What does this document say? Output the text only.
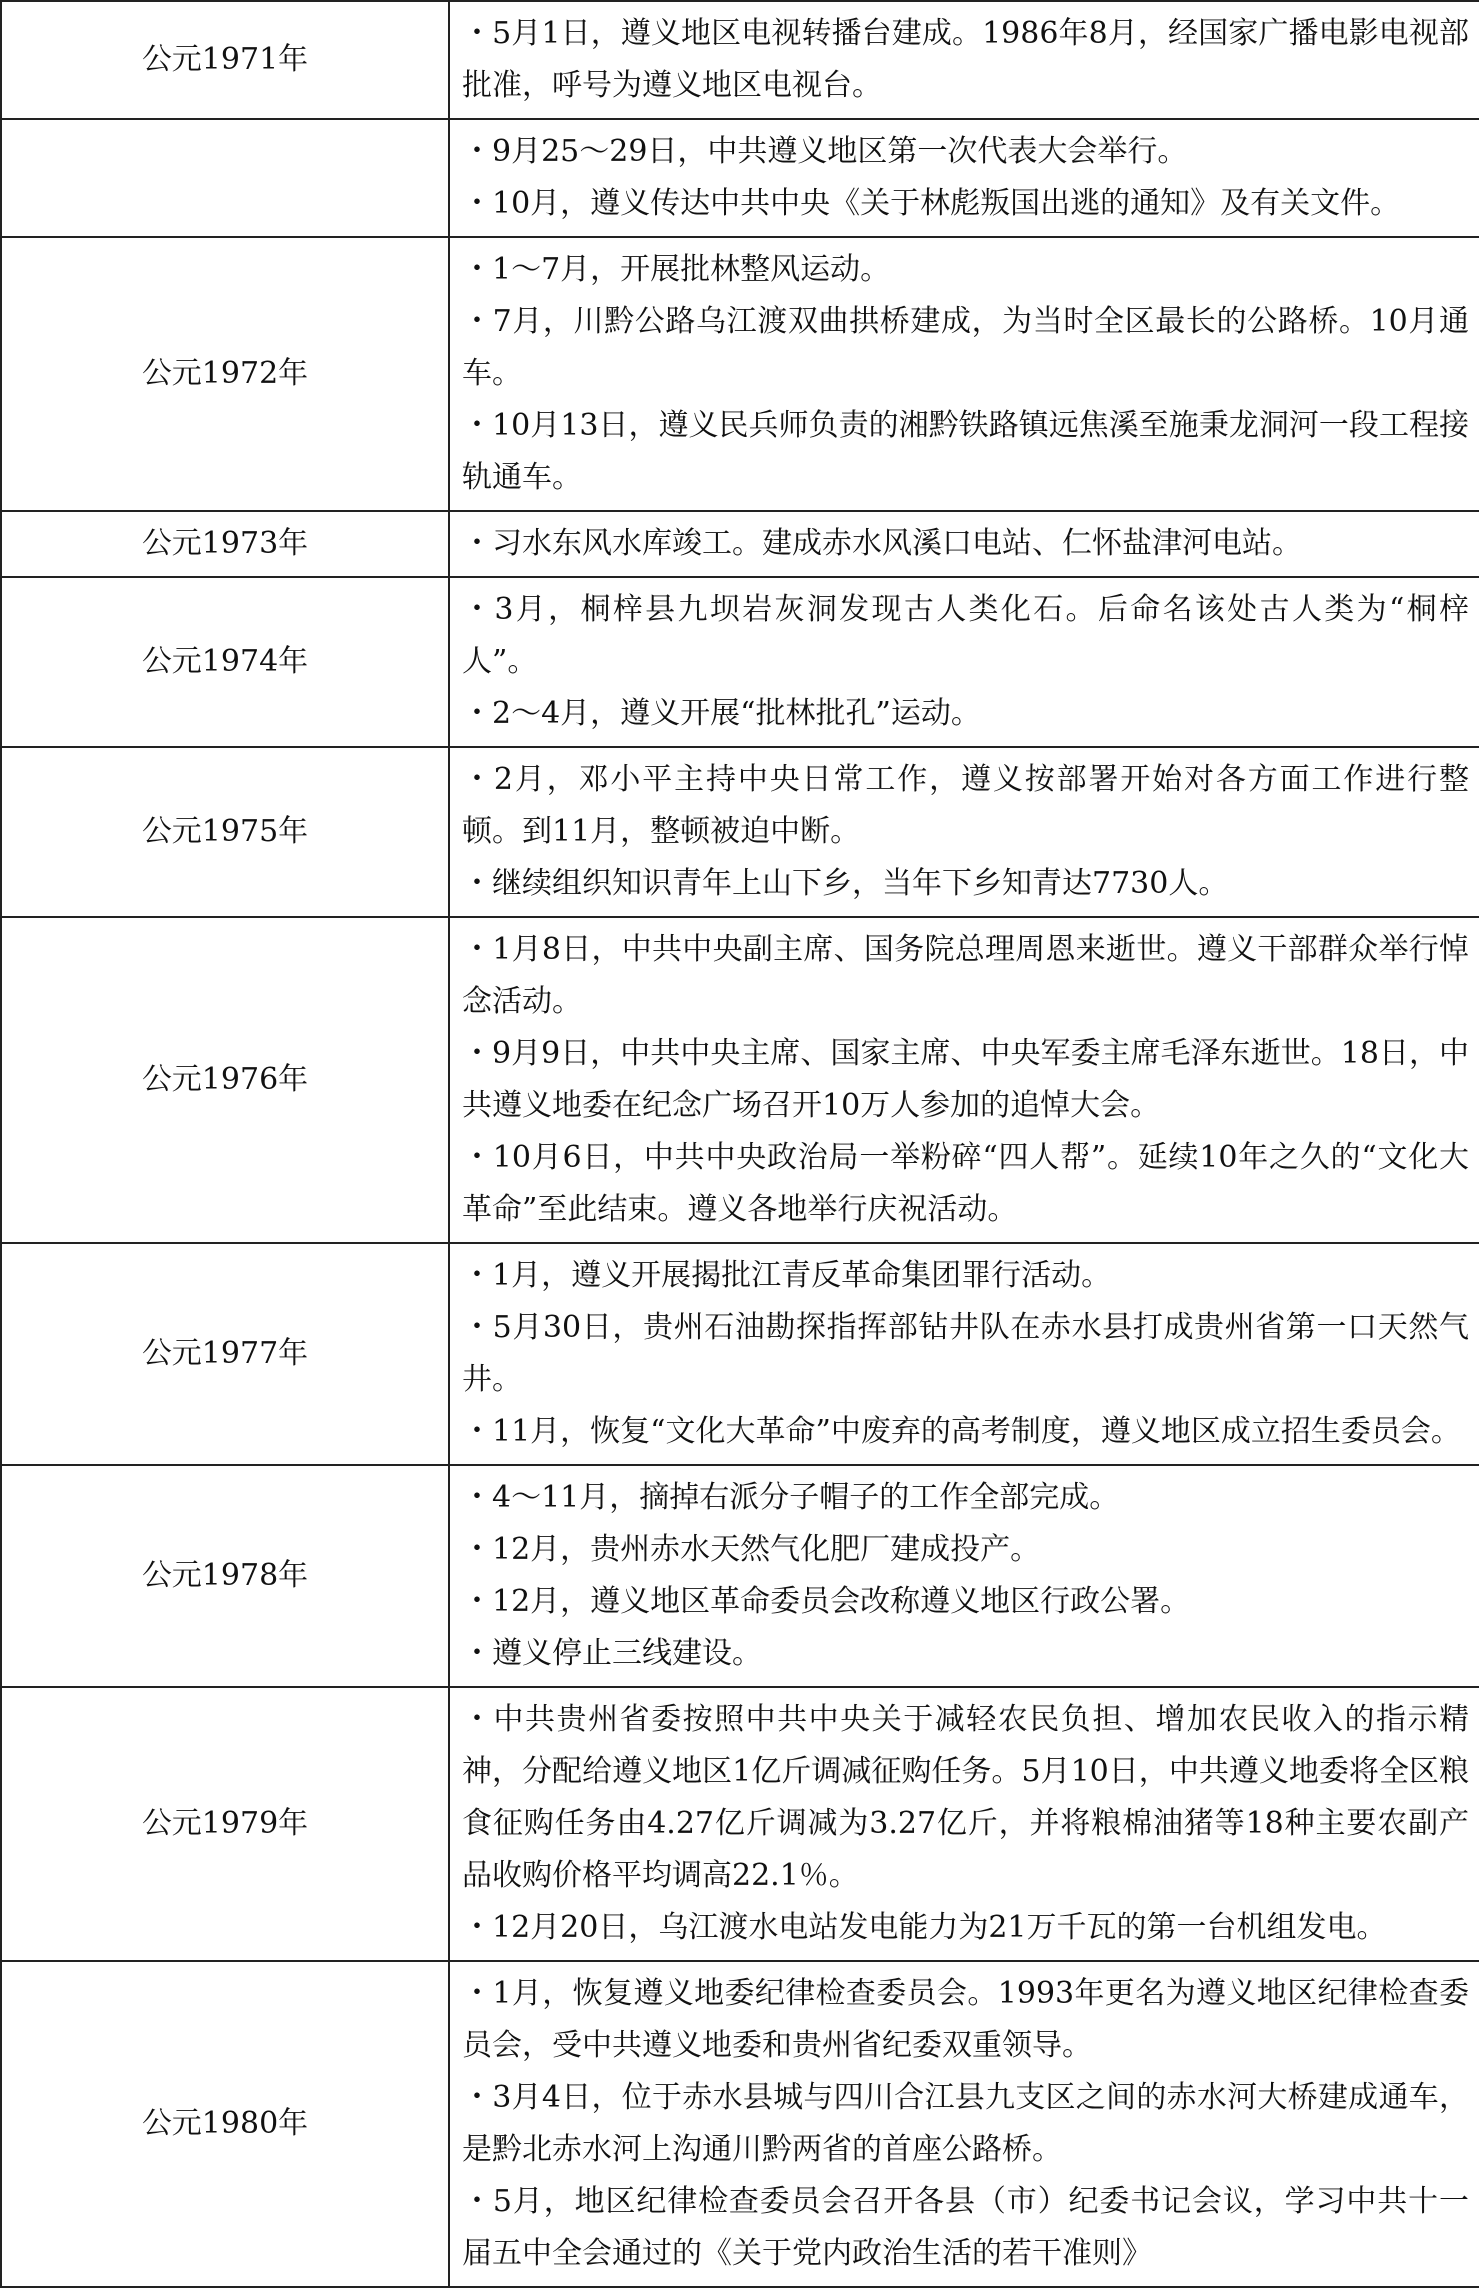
公元1971年	・5月1日，遵义地区电视转播台建成。1986年8月，经国家广播电影电视部批准，呼号为遵义地区电视台。

	・9月25～29日，中共遵义地区第一次代表大会举行。
・10月，遵义传达中共中央《关于林彪叛国出逃的通知》及有关文件。

公元1972年	・1～7月，开展批林整风运动。
・7月，川黔公路乌江渡双曲拱桥建成，为当时全区最长的公路桥。10月通车。
・10月13日，遵义民兵师负责的湘黔铁路镇远焦溪至施秉龙洞河一段工程接轨通车。

公元1973年	・习水东风水库竣工。建成赤水风溪口电站、仁怀盐津河电站。

公元1974年	・3月，桐梓县九坝岩灰洞发现古人类化石。后命名该处古人类为“桐梓人”。
・2～4月，遵义开展“批林批孔”运动。

公元1975年	・2月，邓小平主持中央日常工作，遵义按部署开始对各方面工作进行整顿。到11月，整顿被迫中断。
・继续组织知识青年上山下乡，当年下乡知青达7730人。

公元1976年	・1月8日，中共中央副主席、国务院总理周恩来逝世。遵义干部群众举行悼念活动。
・9月9日，中共中央主席、国家主席、中央军委主席毛泽东逝世。18日，中共遵义地委在纪念广场召开10万人参加的追悼大会。
・10月6日，中共中央政治局一举粉碎“四人帮”。延续10年之久的“文化大革命”至此结束。遵义各地举行庆祝活动。

公元1977年	・1月，遵义开展揭批江青反革命集团罪行活动。
・5月30日，贵州石油勘探指挥部钻井队在赤水县打成贵州省第一口天然气井。
・11月，恢复“文化大革命”中废弃的高考制度，遵义地区成立招生委员会。

公元1978年	・4～11月，摘掉右派分子帽子的工作全部完成。
・12月，贵州赤水天然气化肥厂建成投产。
・12月，遵义地区革命委员会改称遵义地区行政公署。
・遵义停止三线建设。

公元1979年	・中共贵州省委按照中共中央关于减轻农民负担、增加农民收入的指示精神，分配给遵义地区1亿斤调减征购任务。5月10日，中共遵义地委将全区粮食征购任务由4.27亿斤调减为3.27亿斤，并将粮棉油猪等18种主要农副产品收购价格平均调高22.1％。
・12月20日，乌江渡水电站发电能力为21万千瓦的第一台机组发电。

公元1980年	・1月，恢复遵义地委纪律检查委员会。1993年更名为遵义地区纪律检查委员会，受中共遵义地委和贵州省纪委双重领导。
・3月4日，位于赤水县城与四川合江县九支区之间的赤水河大桥建成通车，是黔北赤水河上沟通川黔两省的首座公路桥。
・5月，地区纪律检查委员会召开各县（市）纪委书记会议，学习中共十一届五中全会通过的《关于党内政治生活的若干准则》
